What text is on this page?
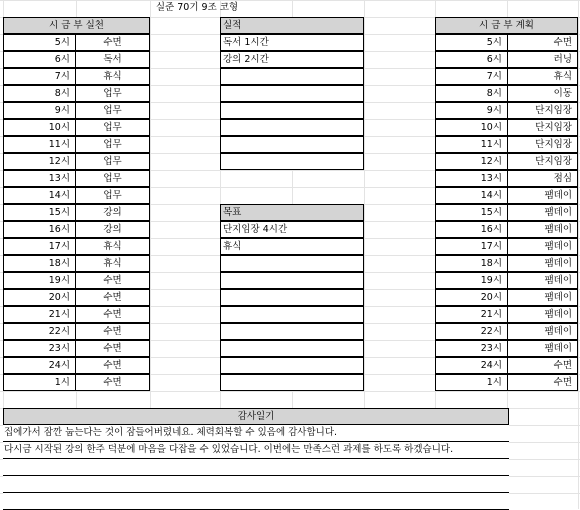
실준 70기 9조 코형
시 금 부 실천
5시	수면
6시	독서
7시	휴식
8시	업무
9시	업무
10시	업무
11시	업무
12시	업무
13시	업무
14시	업무
15시	강의
16시	강의
17시	휴식
18시	휴식
19시	수면
20시	수면
21시	수면
22시	수면
23시	수면
24시	수면
1시	수면
실적
독서 1시간
강의 2시간
목표
단지임장 4시간
휴식
시 금 부 계획
5시	수면
6시	러닝
7시	휴식
8시	이동
9시	단지임장
10시	단지임장
11시	단지임장
12시	단지임장
13시	점심
14시	팸데이
15시	팸데이
16시	팸데이
17시	팸데이
18시	팸데이
19시	팸데이
20시	팸데이
21시	팸데이
22시	팸데이
23시	팸데이
24시	수면
1시	수면
감사일기
집에가서 잠깐 눕는다는 것이 잠들어버렸네요. 체력회복할 수 있음에 감사합니다.
다시금 시작된 강의 한주 덕분에 마음을 다잡을 수 있었습니다. 이번에는 만족스런 과제를 하도록 하겠습니다.
